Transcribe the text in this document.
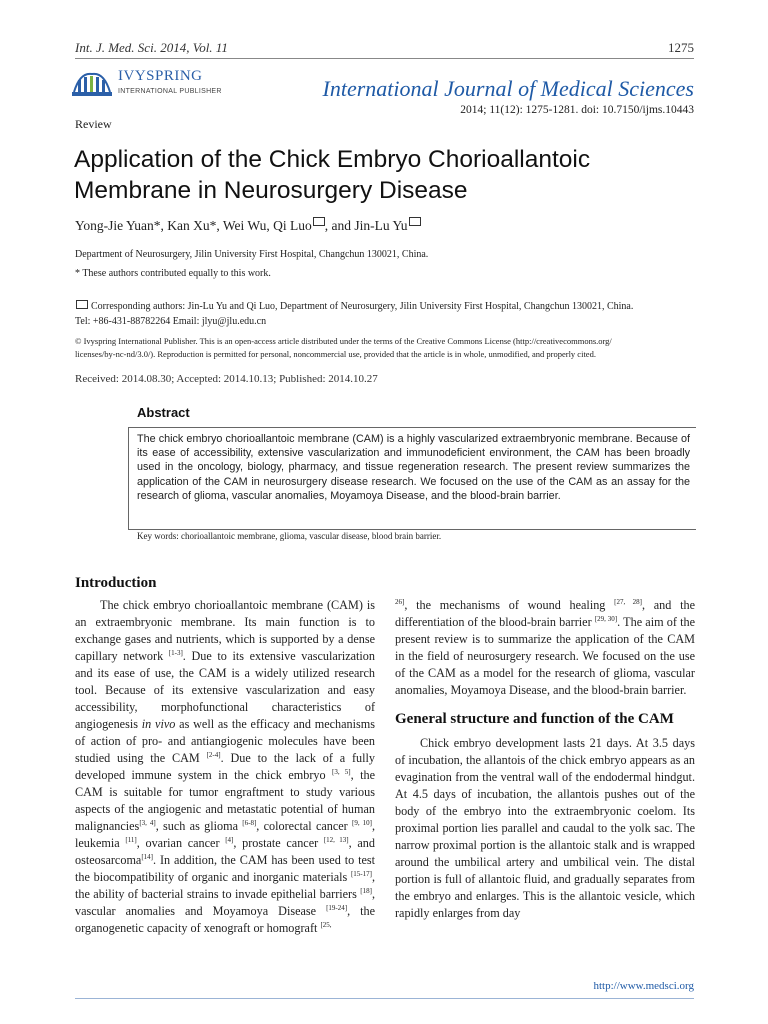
Int. J. Med. Sci. 2014, Vol. 11	1275
IVYSPRING
INTERNATIONAL PUBLISHER	International Journal of Medical Sciences
2014; 11(12): 1275-1281. doi: 10.7150/ijms.10443
Review
Application of the Chick Embryo Chorioallantoic Membrane in Neurosurgery Disease
Yong-Jie Yuan*, Kan Xu*, Wei Wu, Qi Luo , and Jin-Lu Yu
Department of Neurosurgery, Jilin University First Hospital, Changchun 130021, China.
* These authors contributed equally to this work.
Corresponding authors: Jin-Lu Yu and Qi Luo, Department of Neurosurgery, Jilin University First Hospital, Changchun 130021, China.
Tel: +86-431-88782264 Email: jlyu@jlu.edu.cn
© Ivyspring International Publisher. This is an open-access article distributed under the terms of the Creative Commons License (http://creativecommons.org/
licenses/by-nc-nd/3.0/). Reproduction is permitted for personal, noncommercial use, provided that the article is in whole, unmodified, and properly cited.
Received: 2014.08.30; Accepted: 2014.10.13; Published: 2014.10.27
Abstract
The chick embryo chorioallantoic membrane (CAM) is a highly vascularized extraembryonic membrane. Because of its ease of accessibility, extensive vascularization and immunodeficient environment, the CAM has been broadly used in the oncology, biology, pharmacy, and tissue regeneration research. The present review summarizes the application of the CAM in neurosurgery disease research. We focused on the use of the CAM as an assay for the research of glioma, vascular anomalies, Moyamoya Disease, and the blood-brain barrier.
Key words: chorioallantoic membrane, glioma, vascular disease, blood brain barrier.
Introduction

The chick embryo chorioallantoic membrane (CAM) is an extraembryonic membrane. Its main function is to exchange gases and nutrients, which is supported by a dense capillary network [1-3]. Due to its extensive vascularization and its ease of use, the CAM is a widely utilized research tool. Because of its extensive vascularization and easy accessibility, morphofunctional characteristics of angiogenesis in vivo as well as the efficacy and mechanisms of action of pro- and antiangiogenic molecules have been studied using the CAM [2-4]. Due to the lack of a fully developed immune system in the chick embryo [3, 5], the CAM is suitable for tumor engraftment to study various aspects of the angiogenic and metastatic potential of human malignancies[3, 4], such as glioma [6-8], colorectal cancer [9, 10], leukemia [11], ovarian cancer [4], prostate cancer [12, 13], and osteosarcoma[14]. In addition, the CAM has been used to test the biocompatibility of organic and inorganic materials [15-17], the ability of bacterial strains to invade epithelial barriers [18], vascular anomalies and Moyamoya Disease [19-24], the organogenetic capacity of xenograft or homograft $^{[25,}$

$^{26]}$, the mechanisms of wound healing [27, 28], and the differentiation of the blood-brain barrier [29, 30]. The aim of the present review is to summarize the application of the CAM in the field of neurosurgery research. We focused on the use of the CAM as a model for the research of glioma, vascular anomalies, Moyamoya Disease, and the blood-brain barrier.

General structure and function of the CAM

Chick embryo development lasts 21 days. At 3.5 days of incubation, the allantois of the chick embryo appears as an evagination from the ventral wall of the endodermal hindgut. At 4.5 days of incubation, the allantois pushes out of the body of the embryo into the extraembryonic coelom. Its proximal portion lies parallel and caudal to the yolk sac. The narrow proximal portion is the allantoic stalk and is wrapped around the umbilical artery and umbilical vein. The distal portion is full of allantoic fluid, and gradually separates from the embryo and enlarges. This is the allantoic vesicle, which rapidly enlarges from day

http://www.medsci.org
